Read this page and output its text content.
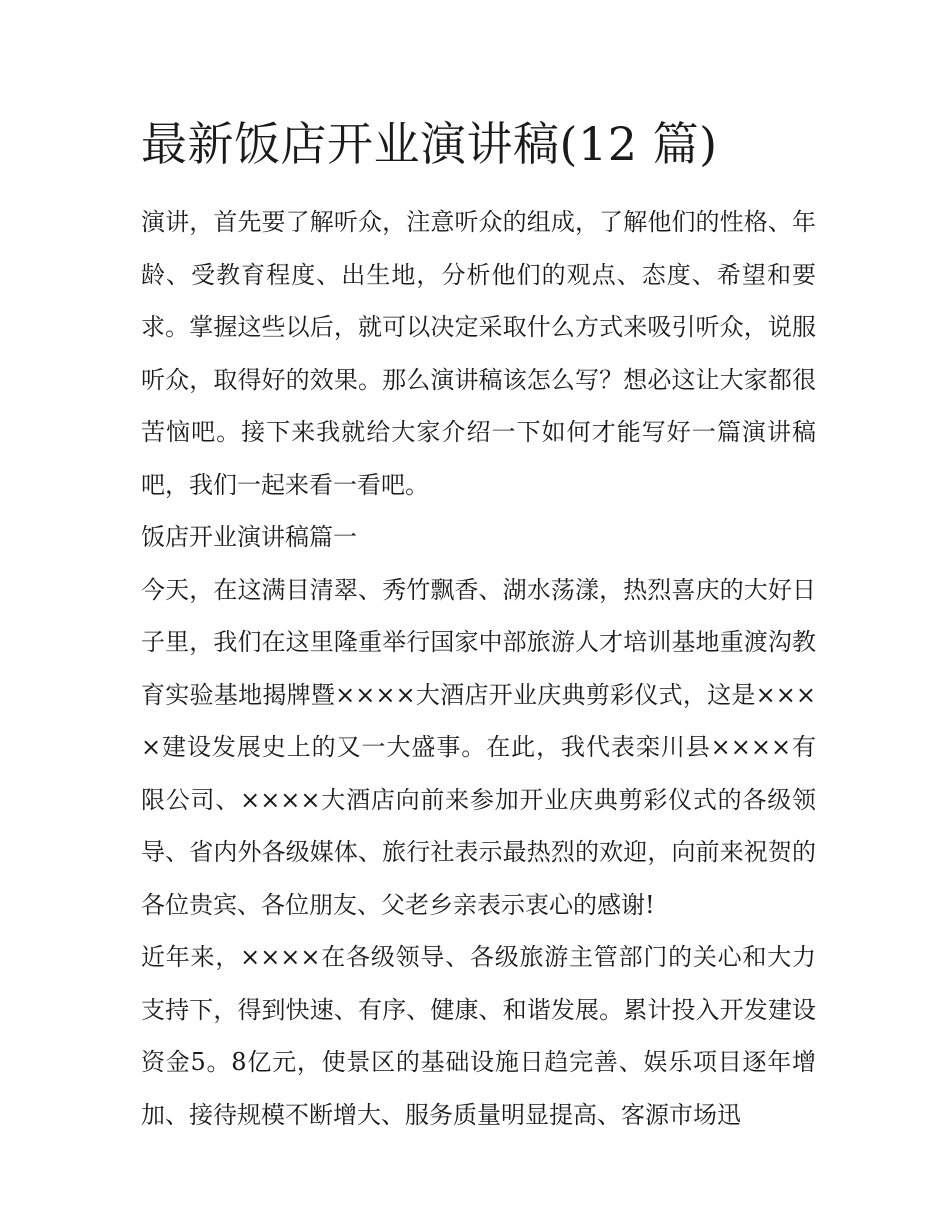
最新饭店开业演讲稿(12 篇)

演讲，首先要了解听众，注意听众的组成，了解他们的性格、年龄、受教育程度、出生地，分析他们的观点、态度、希望和要求。掌握这些以后，就可以决定采取什么方式来吸引听众，说服听众，取得好的效果。那么演讲稿该怎么写？想必这让大家都很苦恼吧。接下来我就给大家介绍一下如何才能写好一篇演讲稿吧，我们一起来看一看吧。

饭店开业演讲稿篇一

今天，在这满目清翠、秀竹飘香、湖水荡漾，热烈喜庆的大好日子里，我们在这里隆重举行国家中部旅游人才培训基地重渡沟教育实验基地揭牌暨××××大酒店开业庆典剪彩仪式，这是××××建设发展史上的又一大盛事。在此，我代表栾川县××××有限公司、××××大酒店向前来参加开业庆典剪彩仪式的各级领导、省内外各级媒体、旅行社表示最热烈的欢迎，向前来祝贺的各位贵宾、各位朋友、父老乡亲表示衷心的感谢!

近年来，××××在各级领导、各级旅游主管部门的关心和大力支持下，得到快速、有序、健康、和谐发展。累计投入开发建设资金5。8亿元，使景区的基础设施日趋完善、娱乐项目逐年增加、接待规模不断增大、服务质量明显提高、客源市场迅
